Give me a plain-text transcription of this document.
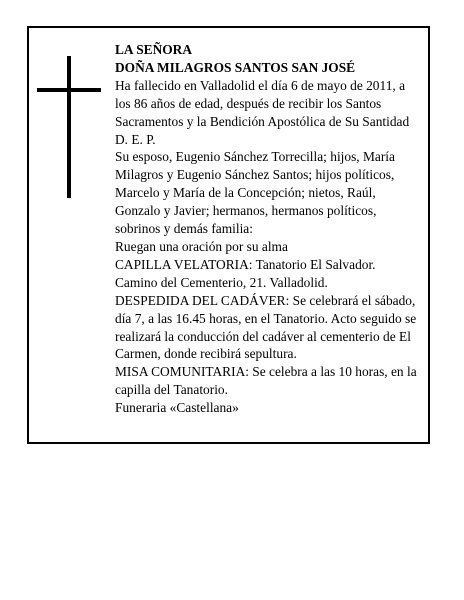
LA SEÑORA

DOÑA MILAGROS SANTOS SAN JOSÉ

Ha fallecido en Valladolid el día 6 de mayo de 2011, a los 86 años de edad, después de recibir los Santos Sacramentos y la Bendición Apostólica de Su Santidad D. E. P.

Su esposo, Eugenio Sánchez Torrecilla; hijos, María Milagros y Eugenio Sánchez Santos; hijos políticos, Marcelo y María de la Concepción; nietos, Raúl, Gonzalo y Javier; hermanos, hermanos políticos, sobrinos y demás familia:

Ruegan una oración por su alma

CAPILLA VELATORIA: Tanatorio El Salvador. Camino del Cementerio, 21. Valladolid.

DESPEDIDA DEL CADÁVER: Se celebrará el sábado, día 7, a las 16.45 horas, en el Tanatorio. Acto seguido se realizará la conducción del cadáver al cementerio de El Carmen, donde recibirá sepultura.

MISA COMUNITARIA: Se celebra a las 10 horas, en la capilla del Tanatorio.

Funeraria «Castellana»
